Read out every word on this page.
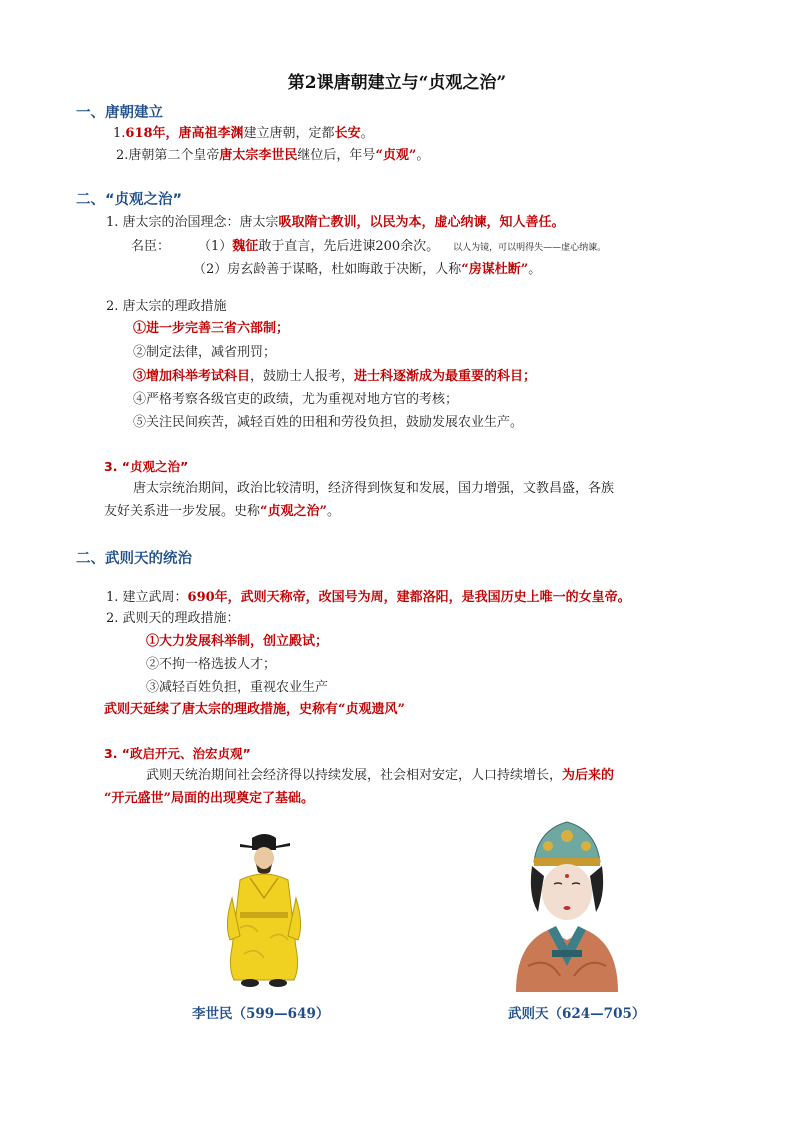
第2课唐朝建立与“贞观之治”
一、唐朝建立
1.618年，唐高祖李渊建立唐朝，定都长安。
2.唐朝第二个皇帝唐太宗李世民继位后，年号“贞观”。
二、“贞观之治”
1. 唐太宗的治国理念：唐太宗吸取隋亡教训，以民为本，虚心纳谏，知人善任。
名臣： （1）魏征敢于直言，先后进谏200余次。 以人为镜，可以明得失——虚心纳谏。
（2）房玄龄善于谋略，杜如晦敢于决断，人称“房谋杜断”。
2. 唐太宗的理政措施
①进一步完善三省六部制；
②制定法律，减省刑罚；
③增加科举考试科目，鼓励士人报考，进士科逐渐成为最重要的科目；
④严格考察各级官吏的政绩，尤为重视对地方官的考核；
⑤关注民间疾苦，减轻百姓的田租和劳役负担，鼓励发展农业生产。
3. “贞观之治”
唐太宗统治期间，政治比较清明，经济得到恢复和发展，国力增强，文教昌盛，各族
友好关系进一步发展。史称“贞观之治”。
二、武则天的统治
1. 建立武周：690年，武则天称帝，改国号为周，建都洛阳，是我国历史上唯一的女皇帝。
2. 武则天的理政措施：
①大力发展科举制，创立殿试；
②不拘一格选拔人才；
③减轻百姓负担，重视农业生产
武则天延续了唐太宗的理政措施，史称有“贞观遗风”
3. “政启开元、治宏贞观”
武则天统治期间社会经济得以持续发展，社会相对安定，人口持续增长，为后来的
“开元盛世”局面的出现奠定了基础。
李世民（599—649）	武则天（624—705）
